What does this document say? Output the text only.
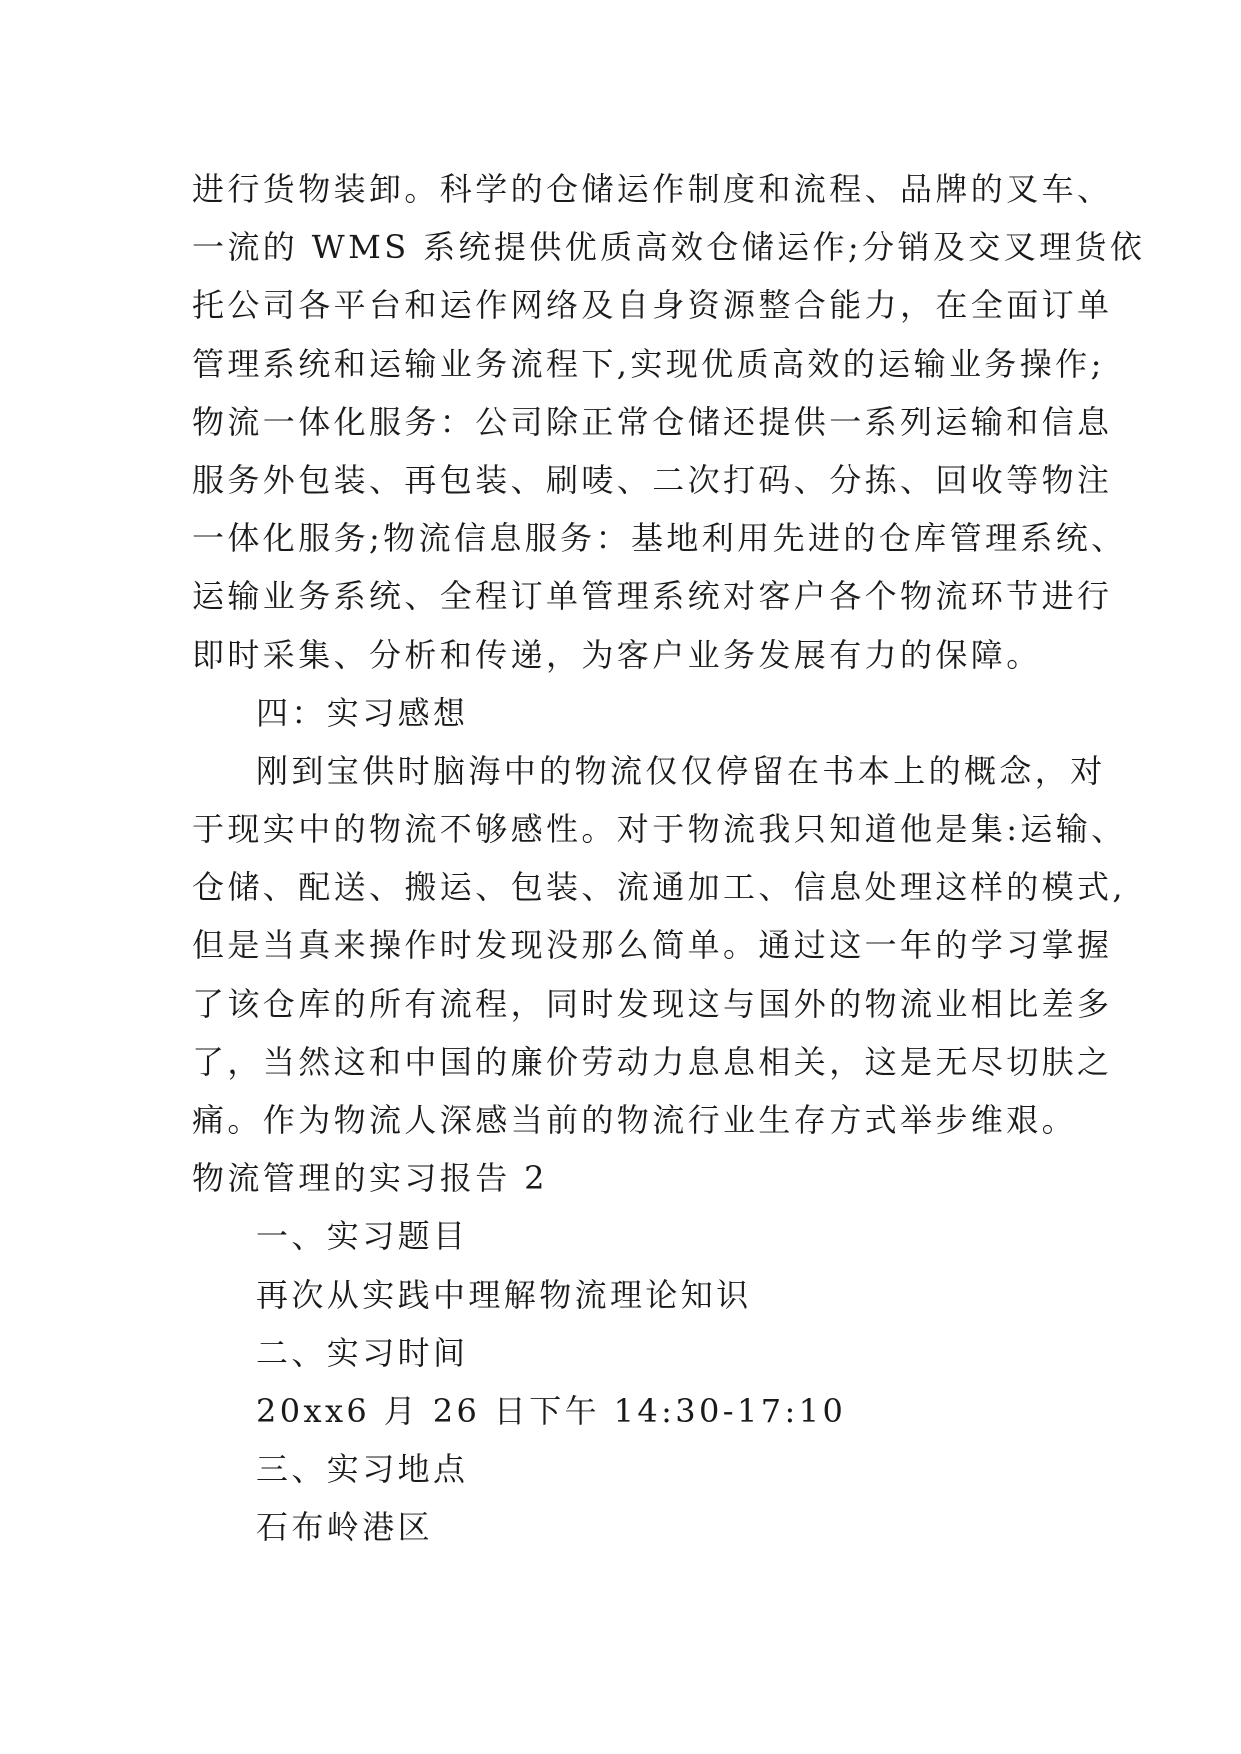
进行货物装卸。科学的仓储运作制度和流程、品牌的叉车、
一流的 WMS 系统提供优质高效仓储运作;分销及交叉理货依
托公司各平台和运作网络及自身资源整合能力，在全面订单
管理系统和运输业务流程下,实现优质高效的运输业务操作;
物流一体化服务：公司除正常仓储还提供一系列运输和信息
服务外包装、再包装、刷唛、二次打码、分拣、回收等物注
一体化服务;物流信息服务：基地利用先进的仓库管理系统、
运输业务系统、全程订单管理系统对客户各个物流环节进行
即时采集、分析和传递，为客户业务发展有力的保障。
四：实习感想
刚到宝供时脑海中的物流仅仅停留在书本上的概念，对
于现实中的物流不够感性。对于物流我只知道他是集:运输、
仓储、配送、搬运、包装、流通加工、信息处理这样的模式,
但是当真来操作时发现没那么简单。通过这一年的学习掌握
了该仓库的所有流程，同时发现这与国外的物流业相比差多
了，当然这和中国的廉价劳动力息息相关，这是无尽切肤之
痛。作为物流人深感当前的物流行业生存方式举步维艰。
物流管理的实习报告 2
一、实习题目
再次从实践中理解物流理论知识
二、实习时间
20xx6 月 26 日下午 14:30-17:10
三、实习地点
石布岭港区
